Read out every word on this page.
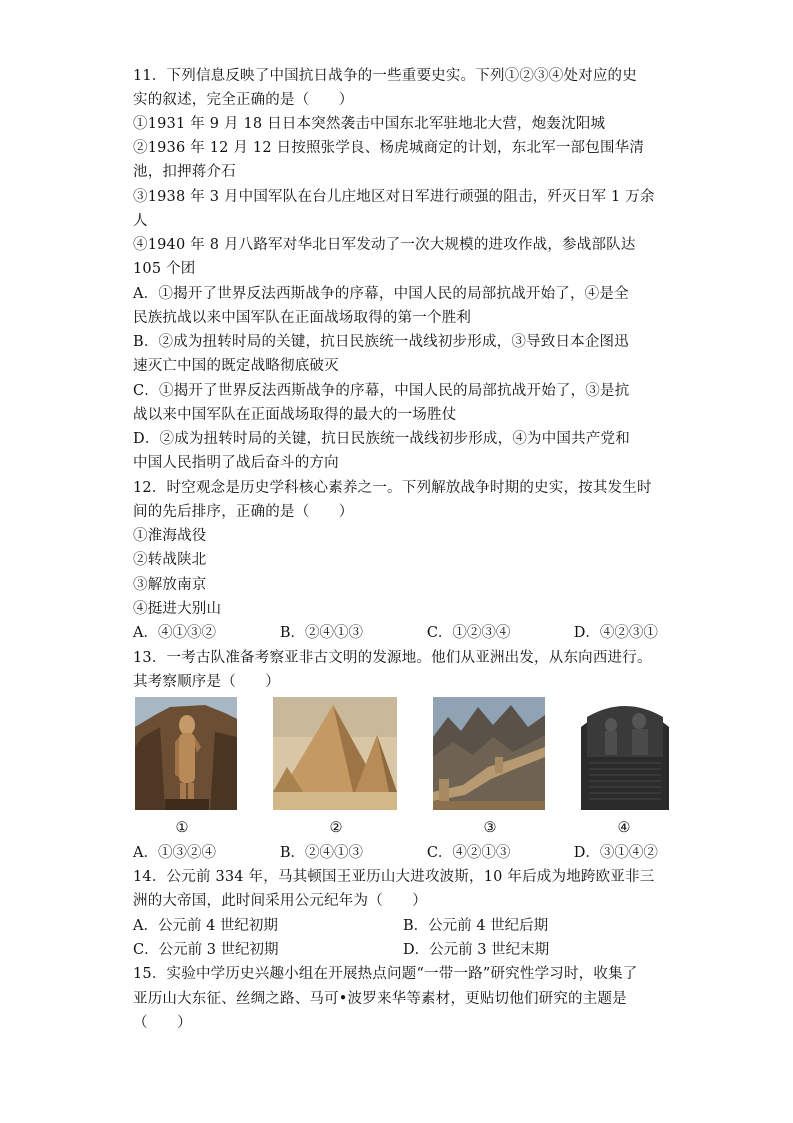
11．下列信息反映了中国抗日战争的一些重要史实。下列①②③④处对应的史
实的叙述，完全正确的是（　　）
①1931 年 9 月 18 日日本突然袭击中国东北军驻地北大营，炮轰沈阳城
②1936 年 12 月 12 日按照张学良、杨虎城商定的计划，东北军一部包围华清
池，扣押蒋介石
③1938 年 3 月中国军队在台儿庄地区对日军进行顽强的阻击，歼灭日军 1 万余
人
④1940 年 8 月八路军对华北日军发动了一次大规模的进攻作战，参战部队达
105 个团
A．①揭开了世界反法西斯战争的序幕，中国人民的局部抗战开始了，④是全
民族抗战以来中国军队在正面战场取得的第一个胜利
B．②成为扭转时局的关键，抗日民族统一战线初步形成，③导致日本企图迅
速灭亡中国的既定战略彻底破灭
C．①揭开了世界反法西斯战争的序幕，中国人民的局部抗战开始了，③是抗
战以来中国军队在正面战场取得的最大的一场胜仗
D．②成为扭转时局的关键，抗日民族统一战线初步形成，④为中国共产党和
中国人民指明了战后奋斗的方向
12．时空观念是历史学科核心素养之一。下列解放战争时期的史实，按其发生时
间的先后排序，正确的是（　　）
①淮海战役
②转战陕北
③解放南京
④挺进大别山
A．④①③②	B．②④①③	C．①②③④	D．④②③①
13．一考古队准备考察亚非古文明的发源地。他们从亚洲出发，从东向西进行。
其考察顺序是（　　）
①	②	③	④
A．①③②④	B．②④①③	C．④②①③	D．③①④②
14．公元前 334 年，马其顿国王亚历山大进攻波斯，10 年后成为地跨欧亚非三
洲的大帝国，此时间采用公元纪年为（　　）
A．公元前 4 世纪初期	B．公元前 4 世纪后期
C．公元前 3 世纪初期	D．公元前 3 世纪末期
15．实验中学历史兴趣小组在开展热点问题“一带一路”研究性学习时，收集了
亚历山大东征、丝绸之路、马可•波罗来华等素材，更贴切他们研究的主题是
（　　）
